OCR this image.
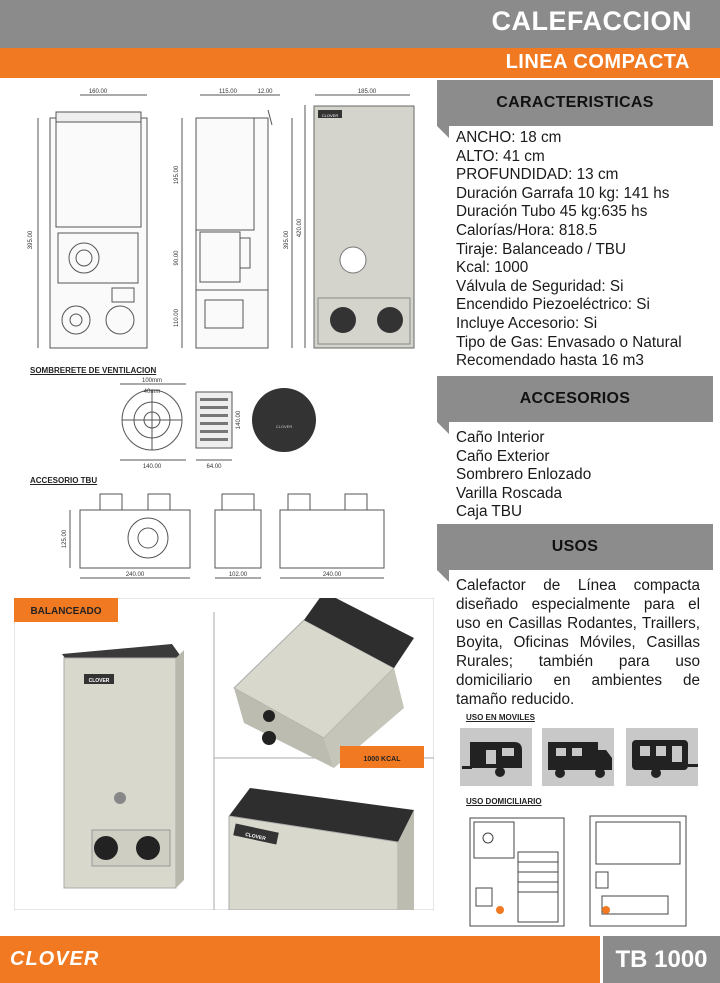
CALEFACCION
LINEA COMPACTA
160.00	115.00	12.00	185.00
395.00
195.00
90.00
110.00
395.00
420.00
CLOVER
100mm
40mm
140.00	64.00
140.00	CLOVER
240.00	102.00	240.00
125.00
SOMBRERETE DE VENTILACION
ACCESORIO TBU
BALANCEADO
1000 KCAL
CLOVER
CLOVER
CARACTERISTICAS
ANCHO: 18 cm
ALTO: 41 cm
PROFUNDIDAD: 13 cm
Duración Garrafa 10 kg: 141 hs
Duración Tubo 45 kg:635 hs
Calorías/Hora: 818.5
Tiraje: Balanceado / TBU
Kcal: 1000
Válvula de Seguridad: Si
Encendido Piezoeléctrico: Si
Incluye Accesorio: Si
Tipo de Gas: Envasado o Natural
Recomendado hasta 16 m3
ACCESORIOS
Caño Interior
Caño Exterior
Sombrero Enlozado
Varilla Roscada
Caja TBU
USOS
Calefactor de Línea compacta diseñado especialmente para el uso en Casillas Rodantes, Traillers, Boyita, Oficinas Móviles, Casillas Rurales; también para uso domiciliario en ambientes de tamaño reducido.
USO EN MOVILES
USO DOMICILIARIO
CLOVER	TB 1000
